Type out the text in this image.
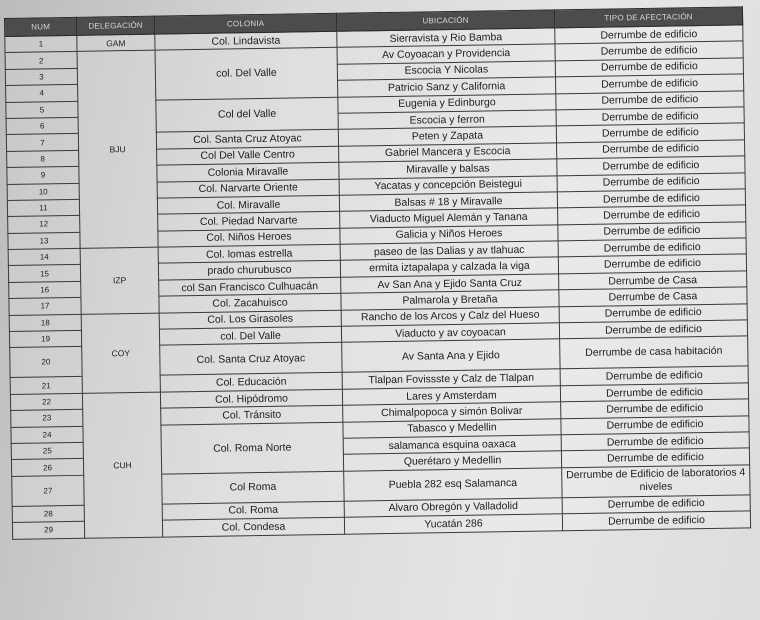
NUM	DELEGACIÓN	COLONIA	UBICACIÓN	TIPO DE AFECTACIÓN
1	GAM	Col. Lindavista	Sierravista y Rio Bamba	Derrumbe de edificio
2	BJU	col. Del Valle	Av Coyoacan y Providencia	Derrumbe de edificio
3			Escocia Y Nicolas	Derrumbe de edificio
4			Patricio Sanz y California	Derrumbe de edificio
5		Col del Valle	Eugenia y Edinburgo	Derrumbe de edificio
6			Escocia y ferron	Derrumbe de edificio
7		Col. Santa Cruz Atoyac	Peten y Zapata	Derrumbe de edificio
8		Col Del Valle Centro	Gabriel Mancera y Escocia	Derrumbe de edificio
9		Colonia Miravalle	Miravalle y balsas	Derrumbe de edificio
10		Col. Narvarte Oriente	Yacatas y concepción Beistegui	Derrumbe de edificio
11		Col. Miravalle	Balsas # 18 y Miravalle	Derrumbe de edificio
12		Col. Piedad Narvarte	Viaducto Miguel Alemán y Tanana	Derrumbe de edificio
13		Col. Niños Heroes	Galicia y Niños Heroes	Derrumbe de edificio
14	IZP	Col. lomas estrella	paseo de las Dalias y av tlahuac	Derrumbe de edificio
15		prado churubusco	ermita iztapalapa y calzada la viga	Derrumbe de edificio
16		col San Francisco Culhuacán	Av San Ana y Ejido Santa Cruz	Derrumbe de Casa
17		Col. Zacahuisco	Palmarola y Bretaña	Derrumbe de Casa
18	COY	Col. Los Girasoles	Rancho de los Arcos y Calz del Hueso	Derrumbe de edificio
19		col. Del Valle	Viaducto y av coyoacan	Derrumbe de edificio
20		Col. Santa Cruz Atoyac	Av Santa Ana y Ejido	Derrumbe de casa habitación
21		Col. Educación	Tlalpan Fovissste y Calz de Tlalpan	Derrumbe de edificio
22	CUH	Col. Hipódromo	Lares y Amsterdam	Derrumbe de edificio
23		Col. Tránsito	Chimalpopoca y simón Bolivar	Derrumbe de edificio
24		Col. Roma Norte	Tabasco y Medellin	Derrumbe de edificio
25			salamanca esquina oaxaca	Derrumbe de edificio
26			Querétaro y Medellin	Derrumbe de edificio
27		Col Roma	Puebla 282 esq Salamanca	Derrumbe de Edificio de laboratorios 4 niveles
28		Col. Roma	Alvaro Obregón y Valladolid	Derrumbe de edificio
29		Col. Condesa	Yucatán 286	Derrumbe de edificio
